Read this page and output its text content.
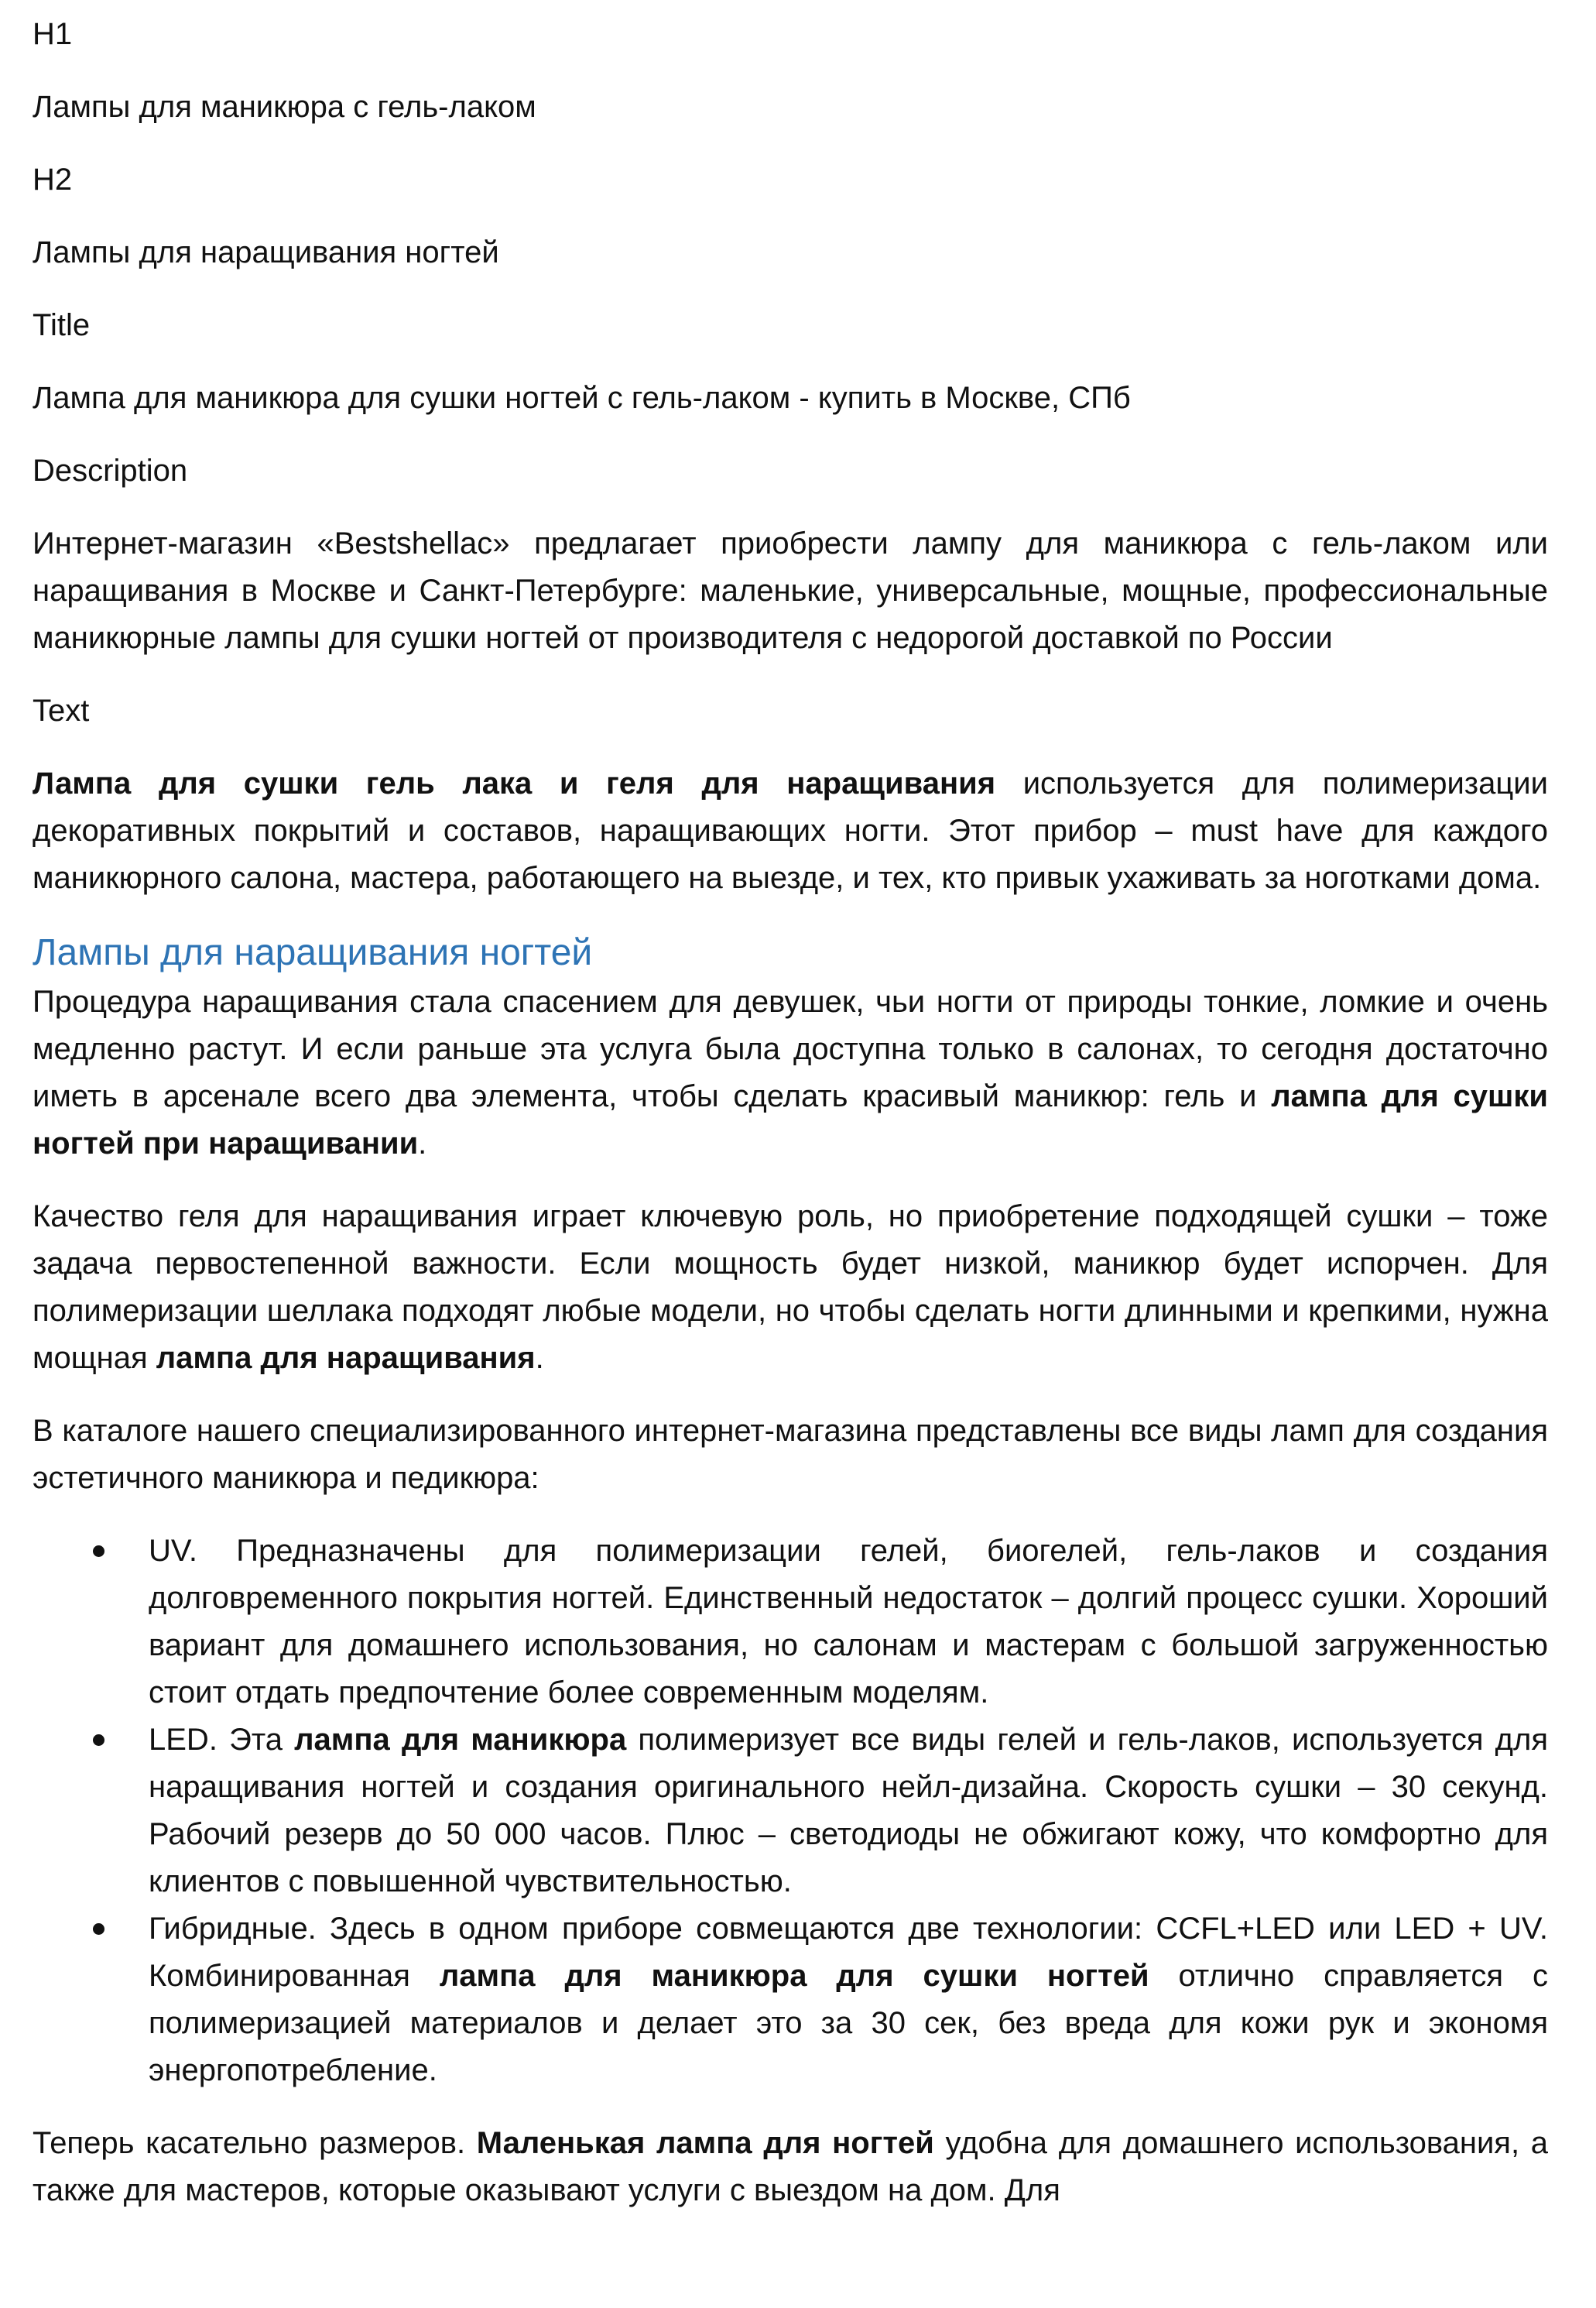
H1

Лампы для маникюра с гель-лаком

H2

Лампы для наращивания ногтей

Title

Лампа для маникюра для сушки ногтей с гель-лаком - купить в Москве, СПб

Description

Интернет-магазин «Bestshellac» предлагает приобрести лампу для маникюра с гель-лаком или наращивания в Москве и Санкт-Петербурге: маленькие, универсальные, мощные, профессиональные маникюрные лампы для сушки ногтей от производителя с недорогой доставкой по России

Text

Лампа для сушки гель лака и геля для наращивания используется для полимеризации декоративных покрытий и составов, наращивающих ногти. Этот прибор – must have для каждого маникюрного салона, мастера, работающего на выезде, и тех, кто привык ухаживать за ноготками дома.

Лампы для наращивания ногтей

Процедура наращивания стала спасением для девушек, чьи ногти от природы тонкие, ломкие и очень медленно растут. И если раньше эта услуга была доступна только в салонах, то сегодня достаточно иметь в арсенале всего два элемента, чтобы сделать красивый маникюр: гель и лампа для сушки ногтей при наращивании.

Качество геля для наращивания играет ключевую роль, но приобретение подходящей сушки – тоже задача первостепенной важности. Если мощность будет низкой, маникюр будет испорчен. Для полимеризации шеллака подходят любые модели, но чтобы сделать ногти длинными и крепкими, нужна мощная лампа для наращивания.

В каталоге нашего специализированного интернет-магазина представлены все виды ламп для создания эстетичного маникюра и педикюра:

UV. Предназначены для полимеризации гелей, биогелей, гель-лаков и создания долговременного покрытия ногтей. Единственный недостаток – долгий процесс сушки. Хороший вариант для домашнего использования, но салонам и мастерам с большой загруженностью стоит отдать предпочтение более современным моделям.
LED. Эта лампа для маникюра полимеризует все виды гелей и гель-лаков, используется для наращивания ногтей и создания оригинального нейл-дизайна. Скорость сушки – 30 секунд. Рабочий резерв до 50 000 часов. Плюс – светодиоды не обжигают кожу, что комфортно для клиентов с повышенной чувствительностью.
Гибридные. Здесь в одном приборе совмещаются две технологии: CCFL+LED или LED + UV. Комбинированная лампа для маникюра для сушки ногтей отлично справляется с полимеризацией материалов и делает это за 30 сек, без вреда для кожи рук и экономя энергопотребление.

Теперь касательно размеров. Маленькая лампа для ногтей удобна для домашнего использования, а также для мастеров, которые оказывают услуги с выездом на дом. Для
